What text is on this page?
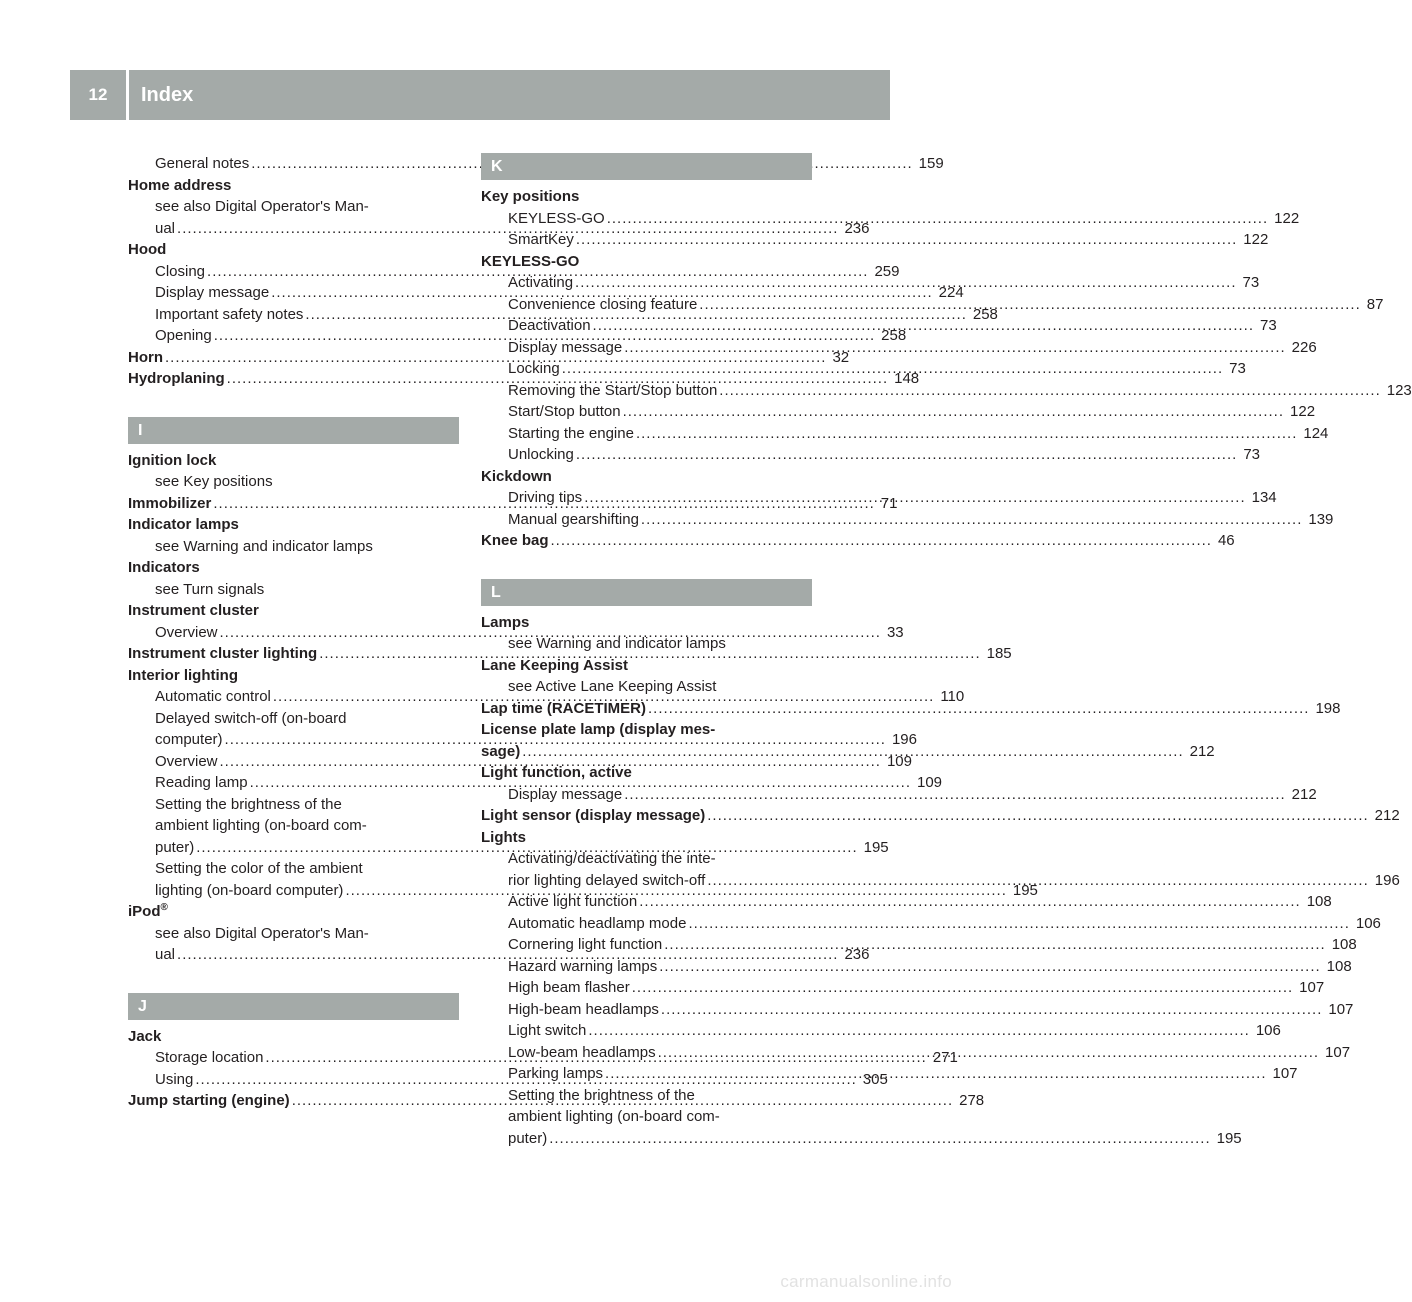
12	Index
General notes .....	159
Home address
see also Digital Operator's Man-
ual .....	236
Hood
Closing .....	259
Display message .....	224
Important safety notes .....	258
Opening .....	258
Horn .....	32
Hydroplaning .....	148
I
Ignition lock
see Key positions
Immobilizer .....	71
Indicator lamps
see Warning and indicator lamps
Indicators
see Turn signals
Instrument cluster
Overview .....	33
Instrument cluster lighting .....	185
Interior lighting
Automatic control .....	110
Delayed switch-off (on-board
computer) .....	196
Overview .....	109
Reading lamp .....	109
Setting the brightness of the
ambient lighting (on-board com-
puter) .....	195
Setting the color of the ambient
lighting (on-board computer) .....	195
iPod®
see also Digital Operator's Man-
ual .....	236
J
Jack
Storage location .....	271
Using .....	305
Jump starting (engine) .....	278
K
Key positions
KEYLESS-GO .....	122
SmartKey .....	122
KEYLESS-GO
Activating .....	73
Convenience closing feature .....	87
Deactivation .....	73
Display message .....	226
Locking .....	73
Removing the Start/Stop button .....	123
Start/Stop button .....	122
Starting the engine .....	124
Unlocking .....	73
Kickdown
Driving tips .....	134
Manual gearshifting .....	139
Knee bag .....	46
L
Lamps
see Warning and indicator lamps
Lane Keeping Assist
see Active Lane Keeping Assist
Lap time (RACETIMER) .....	198
License plate lamp (display mes-
sage) .....	212
Light function, active
Display message .....	212
Light sensor (display message) .....	212
Lights
Activating/deactivating the inte-
rior lighting delayed switch-off .....	196
Active light function .....	108
Automatic headlamp mode .....	106
Cornering light function .....	108
Hazard warning lamps .....	108
High beam flasher .....	107
High-beam headlamps .....	107
Light switch .....	106
Low-beam headlamps .....	107
Parking lamps .....	107
Setting the brightness of the
ambient lighting (on-board com-
puter) .....	195
carmanualsonline.info
